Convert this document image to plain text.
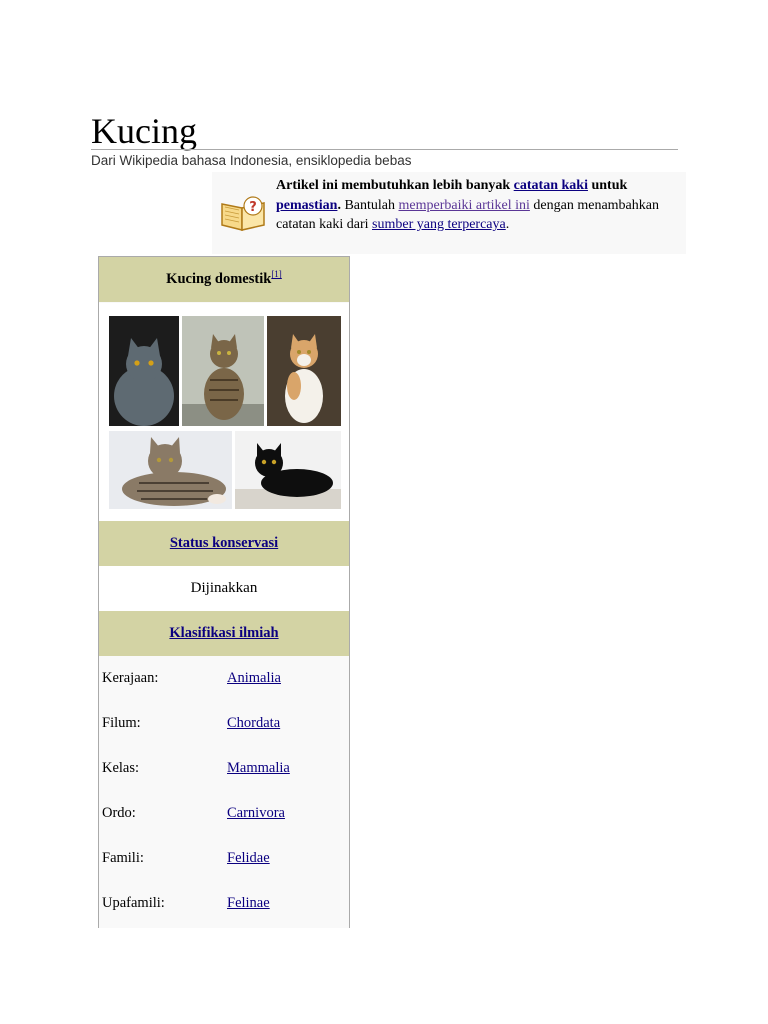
Kucing
Dari Wikipedia bahasa Indonesia, ensiklopedia bebas
?
Artikel ini membutuhkan lebih banyak catatan kaki untuk pemastian. Bantulah memperbaiki artikel ini dengan menambahkan catatan kaki dari sumber yang terpercaya.
Kucing domestik[1]
Status konservasi
Dijinakkan
Klasifikasi ilmiah
Kerajaan:	Animalia
Filum:	Chordata
Kelas:	Mammalia
Ordo:	Carnivora
Famili:	Felidae
Upafamili:	Felinae
